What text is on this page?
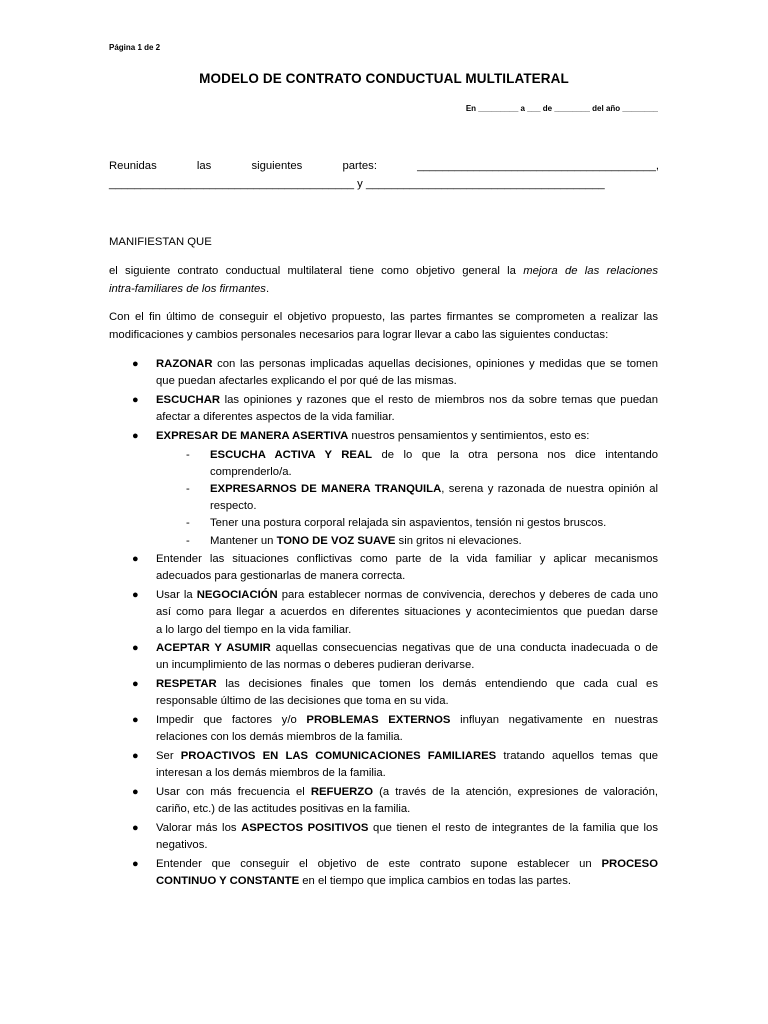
Página 1 de 2
MODELO DE CONTRATO CONDUCTUAL MULTILATERAL
En _________ a ___ de ________ del año ________
Reunidas	las	siguientes	partes:	______________________________________,
_______________________________________ y ______________________________________
MANIFIESTAN QUE
el siguiente contrato conductual multilateral tiene como objetivo general la mejora de las relaciones
intra-familiares de los firmantes.
Con el fin último de conseguir el objetivo propuesto, las partes firmantes se comprometen a realizar las
modificaciones y cambios personales necesarios para lograr llevar a cabo las siguientes conductas:
● RAZONAR con las personas implicadas aquellas decisiones, opiniones y medidas que se tomen
que puedan afectarles explicando el por qué de las mismas.
● ESCUCHAR las opiniones y razones que el resto de miembros nos da sobre temas que puedan
afectar a diferentes aspectos de la vida familiar.
● EXPRESAR DE MANERA ASERTIVA nuestros pensamientos y sentimientos, esto es:
- ESCUCHA ACTIVA Y REAL de lo que la otra persona nos dice intentando
comprenderlo/a.
- EXPRESARNOS DE MANERA TRANQUILA, serena y razonada de nuestra opinión al
respecto.
- Tener una postura corporal relajada sin aspavientos, tensión ni gestos bruscos.
- Mantener un TONO DE VOZ SUAVE sin gritos ni elevaciones.
● Entender las situaciones conflictivas como parte de la vida familiar y aplicar mecanismos
adecuados para gestionarlas de manera correcta.
● Usar la NEGOCIACIÓN para establecer normas de convivencia, derechos y deberes de cada uno
así como para llegar a acuerdos en diferentes situaciones y acontecimientos que puedan darse
a lo largo del tiempo en la vida familiar.
● ACEPTAR Y ASUMIR aquellas consecuencias negativas que de una conducta inadecuada o de
un incumplimiento de las normas o deberes pudieran derivarse.
● RESPETAR las decisiones finales que tomen los demás entendiendo que cada cual es
responsable último de las decisiones que toma en su vida.
● Impedir que factores y/o PROBLEMAS EXTERNOS influyan negativamente en nuestras
relaciones con los demás miembros de la familia.
● Ser PROACTIVOS EN LAS COMUNICACIONES FAMILIARES tratando aquellos temas que
interesan a los demás miembros de la familia.
● Usar con más frecuencia el REFUERZO (a través de la atención, expresiones de valoración,
cariño, etc.) de las actitudes positivas en la familia.
● Valorar más los ASPECTOS POSITIVOS que tienen el resto de integrantes de la familia que los
negativos.
● Entender que conseguir el objetivo de este contrato supone establecer un PROCESO
CONTINUO Y CONSTANTE en el tiempo que implica cambios en todas las partes.
